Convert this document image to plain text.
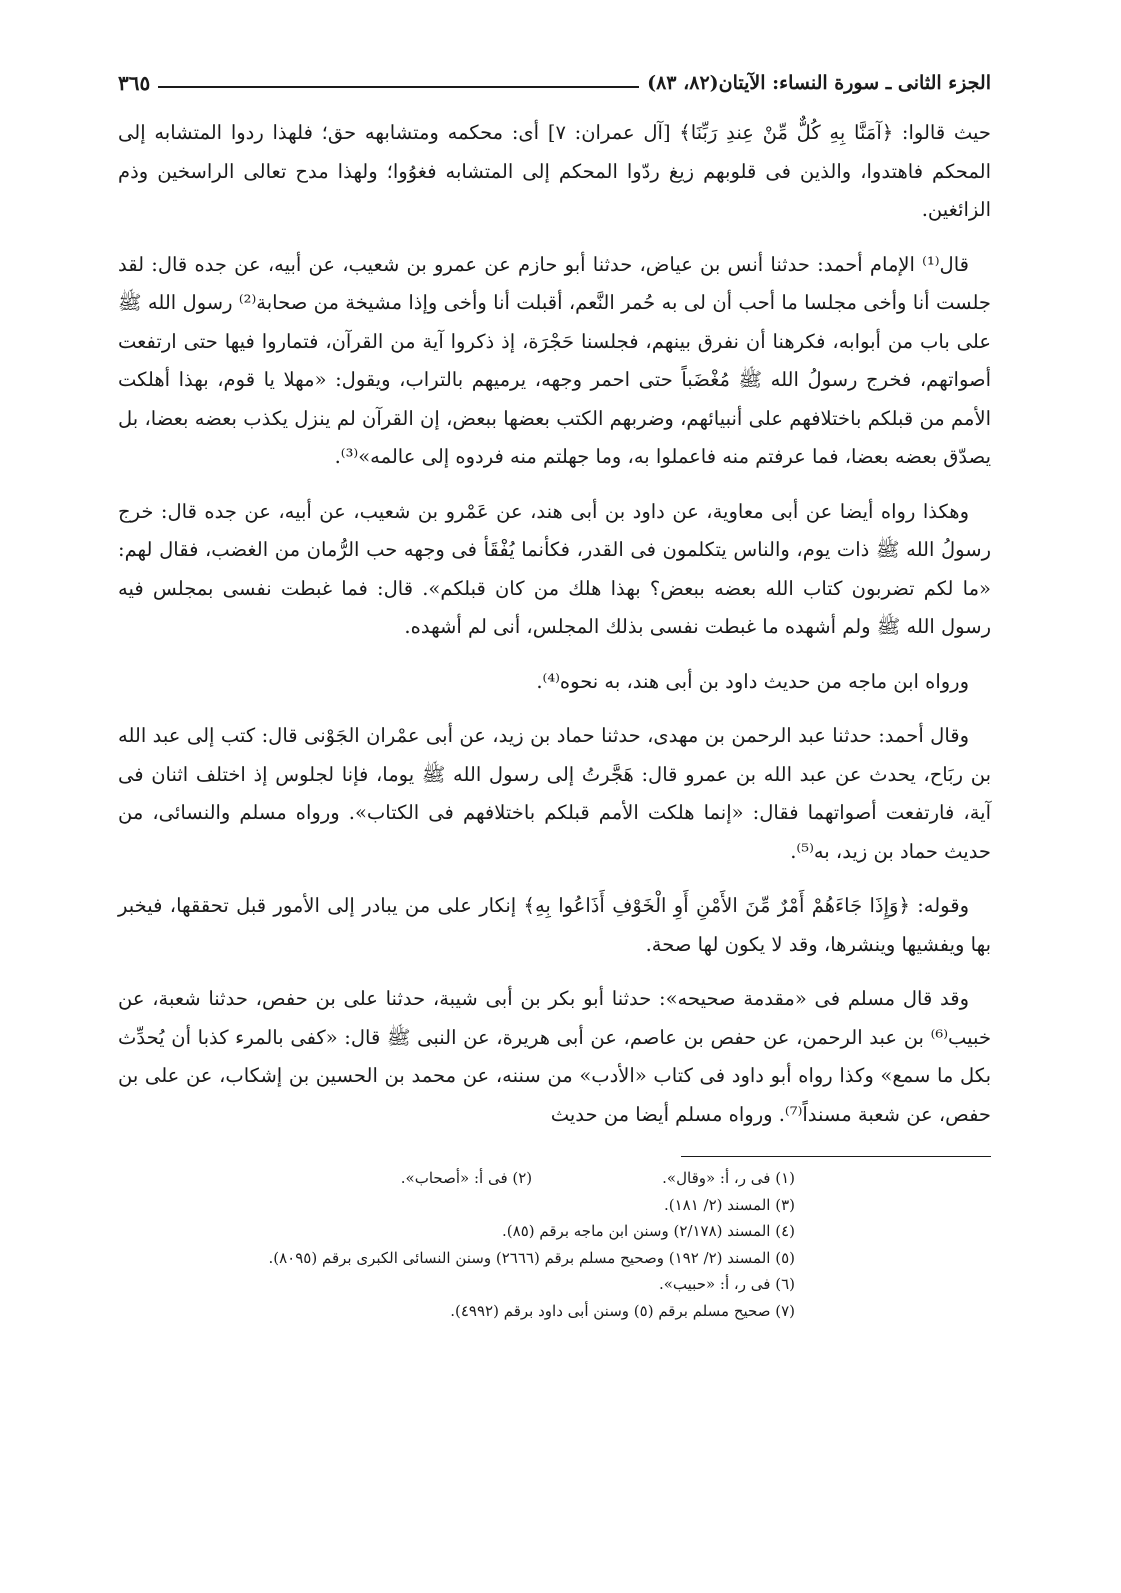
الجزء الثانى ـ سورة النساء: الآيتان(٨٢، ٨٣)
٣٦٥

حيث قالوا: ﴿آمَنَّا بِهِ كُلٌّ مِّنْ عِندِ رَبِّنَا﴾ [آل عمران: ٧] أى: محكمه ومتشابهه حق؛ فلهذا ردوا المتشابه إلى المحكم فاهتدوا، والذين فى قلوبهم زيغ ردّوا المحكم إلى المتشابه فغوُوا؛ ولهذا مدح تعالى الراسخين وذم الزائغين.

قال⁽¹⁾ الإمام أحمد: حدثنا أنس بن عياض، حدثنا أبو حازم عن عمرو بن شعيب، عن أبيه، عن جده قال: لقد جلست أنا وأخى مجلسا ما أحب أن لى به حُمر النَّعم، أقبلت أنا وأخى وإذا مشيخة من صحابة⁽²⁾ رسول الله ﷺ على باب من أبوابه، فكرهنا أن نفرق بينهم، فجلسنا حَجْرَة، إذ ذكروا آية من القرآن، فتماروا فيها حتى ارتفعت أصواتهم، فخرج رسولُ الله ﷺ مُغْضَباً حتى احمر وجهه، يرميهم بالتراب، ويقول: «مهلا يا قوم، بهذا أهلكت الأمم من قبلكم باختلافهم على أنبيائهم، وضربهم الكتب بعضها ببعض، إن القرآن لم ينزل يكذب بعضه بعضا، بل يصدّق بعضه بعضا، فما عرفتم منه فاعملوا به، وما جهلتم منه فردوه إلى عالمه»⁽³⁾.

وهكذا رواه أيضا عن أبى معاوية، عن داود بن أبى هند، عن عَمْرو بن شعيب، عن أبيه، عن جده قال: خرج رسولُ الله ﷺ ذات يوم، والناس يتكلمون فى القدر، فكأنما يُفْقَأ فى وجهه حب الرُّمان من الغضب، فقال لهم: «ما لكم تضربون كتاب الله بعضه ببعض؟ بهذا هلك من كان قبلكم». قال: فما غبطت نفسى بمجلس فيه رسول الله ﷺ ولم أشهده ما غبطت نفسى بذلك المجلس، أنى لم أشهده.

ورواه ابن ماجه من حديث داود بن أبى هند، به نحوه⁽⁴⁾.

وقال أحمد: حدثنا عبد الرحمن بن مهدى، حدثنا حماد بن زيد، عن أبى عمْران الجَوْنى قال: كتب إلى عبد الله بن ربَاح، يحدث عن عبد الله بن عمرو قال: هَجَّرتُ إلى رسول الله ﷺ يوما، فإنا لجلوس إذ اختلف اثنان فى آية، فارتفعت أصواتهما فقال: «إنما هلكت الأمم قبلكم باختلافهم فى الكتاب». ورواه مسلم والنسائى، من حديث حماد بن زيد، به⁽⁵⁾.

وقوله: ﴿وَإِذَا جَاءَهُمْ أَمْرٌ مِّنَ الأَمْنِ أَوِ الْخَوْفِ أَذَاعُوا بِهِ﴾ إنكار على من يبادر إلى الأمور قبل تحققها، فيخبر بها ويفشيها وينشرها، وقد لا يكون لها صحة.

وقد قال مسلم فى «مقدمة صحيحه»: حدثنا أبو بكر بن أبى شيبة، حدثنا على بن حفص، حدثنا شعبة، عن خبيب⁽⁶⁾ بن عبد الرحمن، عن حفص بن عاصم، عن أبى هريرة، عن النبى ﷺ قال: «كفى بالمرء كذبا أن يُحدِّث بكل ما سمع» وكذا رواه أبو داود فى كتاب «الأدب» من سننه، عن محمد بن الحسين بن إشكاب، عن على بن حفص، عن شعبة مسنداً⁽⁷⁾. ورواه مسلم أيضا من حديث

(١) فى ر، أ: «وقال».
(٢) فى أ: «أصحاب».
(٣) المسند (٢/ ١٨١).
(٤) المسند (٢/١٧٨) وسنن ابن ماجه برقم (٨٥).
(٥) المسند (٢/ ١٩٢) وصحيح مسلم برقم (٢٦٦٦) وسنن النسائى الكبرى برقم (٨٠٩٥).
(٦) فى ر، أ: «حبيب».
(٧) صحيح مسلم برقم (٥) وسنن أبى داود برقم (٤٩٩٢).
